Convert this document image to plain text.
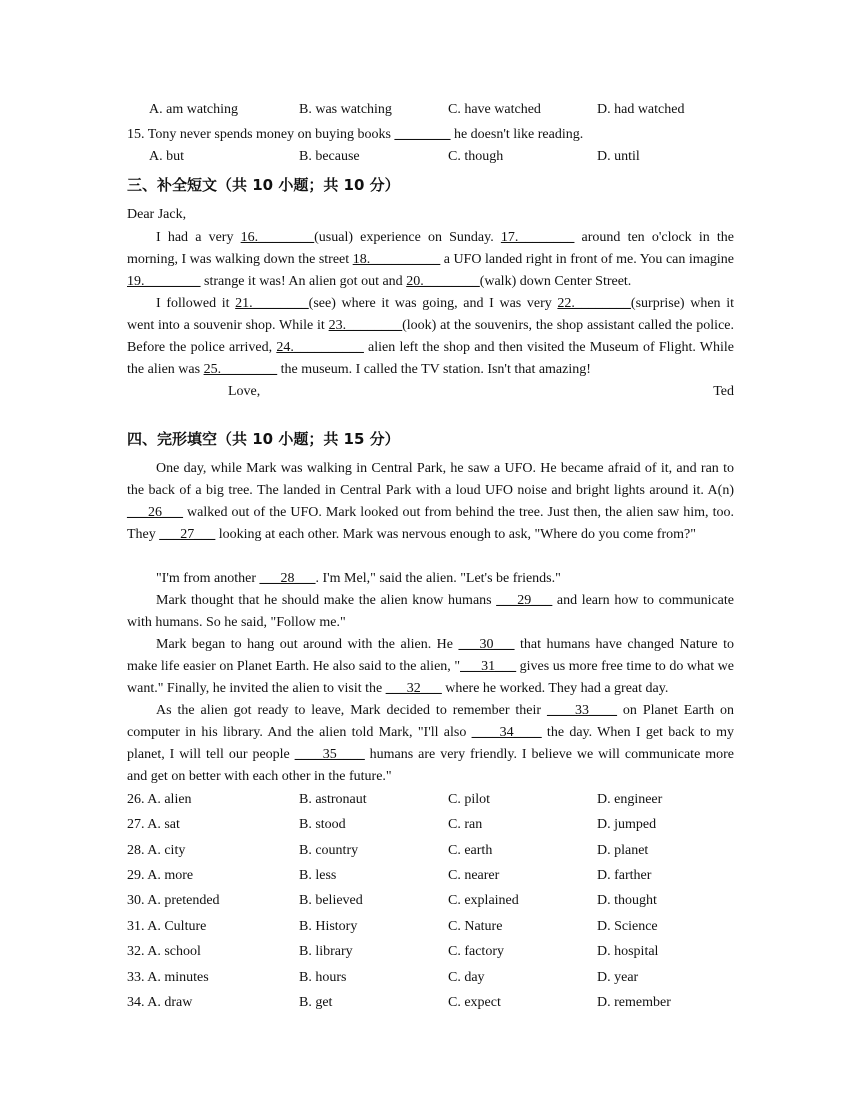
A. am watching	B. was watching	C. have watched	D. had watched
15. Tony never spends money on buying books ________ he doesn't like reading.
A. but	B. because	C. though	D. until
三、补全短文（共 10 小题；共 10 分）
Dear Jack,
I had a very 16.________(usual) experience on Sunday. 17.________ around ten o'clock in the morning, I was walking down the street 18.__________ a UFO landed right in front of me. You can imagine 19.________ strange it was! An alien got out and 20.________(walk) down Center Street.
I followed it 21.________(see) where it was going, and I was very 22.________(surprise) when it went into a souvenir shop. While it 23.________(look) at the souvenirs, the shop assistant called the police. Before the police arrived, 24.__________ alien left the shop and then visited the Museum of Flight. While the alien was 25.________ the museum. I called the TV station. Isn't that amazing!
Love,	Ted
四、完形填空（共 10 小题；共 15 分）
One day, while Mark was walking in Central Park, he saw a UFO. He became afraid of it, and ran to the back of a big tree. The landed in Central Park with a loud UFO noise and bright lights around it. A(n) ___26___ walked out of the UFO. Mark looked out from behind the tree. Just then, the alien saw him, too. They ___27___ looking at each other. Mark was nervous enough to ask, "Where do you come from?"
"I'm from another ___28___. I'm Mel," said the alien. "Let's be friends."
Mark thought that he should make the alien know humans ___29___ and learn how to communicate with humans. So he said, "Follow me."
Mark began to hang out around with the alien. He ___30___ that humans have changed Nature to make life easier on Planet Earth. He also said to the alien, "___31___ gives us more free time to do what we want." Finally, he invited the alien to visit the ___32___ where he worked. They had a great day.
As the alien got ready to leave, Mark decided to remember their ____33____ on Planet Earth on computer in his library. And the alien told Mark, "I'll also ____34____ the day. When I get back to my planet, I will tell our people ____35____ humans are very friendly. I believe we will communicate more and get on better with each other in the future."
26. A. alien	B. astronaut	C. pilot	D. engineer
27. A. sat	B. stood	C. ran	D. jumped
28. A. city	B. country	C. earth	D. planet
29. A. more	B. less	C. nearer	D. farther
30. A. pretended	B. believed	C. explained	D. thought
31. A. Culture	B. History	C. Nature	D. Science
32. A. school	B. library	C. factory	D. hospital
33. A. minutes	B. hours	C. day	D. year
34. A. draw	B. get	C. expect	D. remember
